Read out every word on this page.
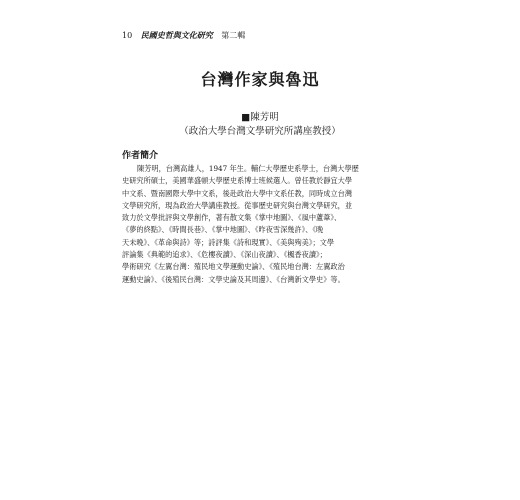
10 民國史哲與文化研究 第二輯
台灣作家與魯迅
■陳芳明
（政治大學台灣文學研究所講座教授）
作者簡介
陳芳明，台灣高雄人，1947 年生。輔仁大學歷史系學士，台灣大學歷
史研究所碩士，美國華盛頓大學歷史系博士班候選人。曾任教於靜宜大學
中文系、暨南國際大學中文系，後赴政治大學中文系任教，同時成立台灣
文學研究所，現為政治大學講座教授。從事歷史研究與台灣文學研究，並
致力於文學批評與文學創作，著有散文集《掌中地圖》、《風中蘆葦》、
《夢的終點》、《時間長巷》、《掌中地圖》、《昨夜雪深幾許》、《晚
天未晚》、《革命與詩》等；詩評集《詩和現實》、《美與殉美》；文學
評論集《典範的追求》、《危樓夜讀》、《深山夜讀》、《楓香夜讀》；
學術研究《左翼台灣：殖民地文學運動史論》、《殖民地台灣：左翼政治
運動史論》、《後殖民台灣：文學史論及其周邊》、《台灣新文學史》等。
